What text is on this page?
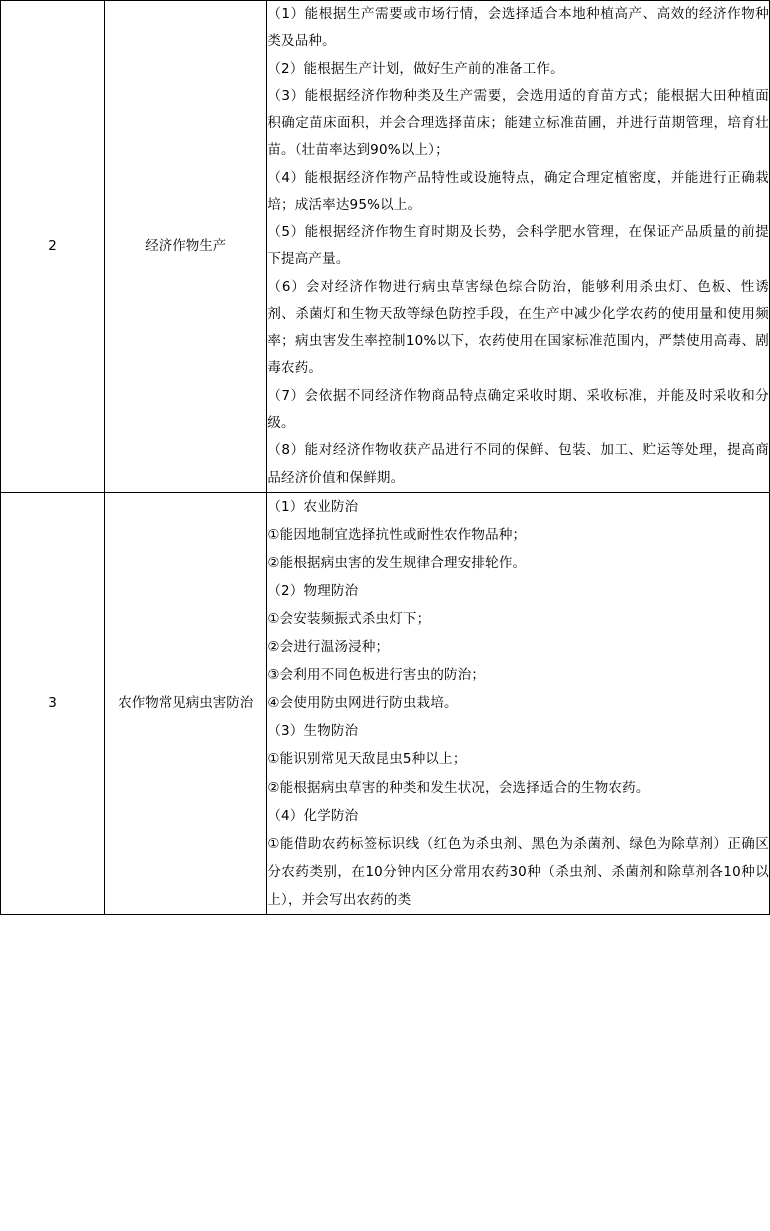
2	经济作物生产	

（1）能根据生产需要或市场行情，会选择适合本地种植高产、高效的经济作物种类及品种。

（2）能根据生产计划，做好生产前的准备工作。

（3）能根据经济作物种类及生产需要，会选用适的育苗方式；能根据大田种植面积确定苗床面积，并会合理选择苗床；能建立标准苗圃，并进行苗期管理，培育壮苗。（壮苗率达到90%以上）；

（4）能根据经济作物产品特性或设施特点，确定合理定植密度，并能进行正确栽培；成活率达95%以上。

（5）能根据经济作物生育时期及长势，会科学肥水管理，在保证产品质量的前提下提高产量。

（6）会对经济作物进行病虫草害绿色综合防治，能够利用杀虫灯、色板、性诱剂、杀菌灯和生物天敌等绿色防控手段，在生产中减少化学农药的使用量和使用频率；病虫害发生率控制10%以下，农药使用在国家标准范围内，严禁使用高毒、剧毒农药。

（7）会依据不同经济作物商品特点确定采收时期、采收标准，并能及时采收和分级。

（8）能对经济作物收获产品进行不同的保鲜、包装、加工、贮运等处理，提高商品经济价值和保鲜期。

3	农作物常见病虫害防治	

（1）农业防治

①能因地制宜选择抗性或耐性农作物品种；

②能根据病虫害的发生规律合理安排轮作。

（2）物理防治

①会安装频振式杀虫灯下；

②会进行温汤浸种；

③会利用不同色板进行害虫的防治；

④会使用防虫网进行防虫栽培。

（3）生物防治

①能识别常见天敌昆虫5种以上；

②能根据病虫草害的种类和发生状况，会选择适合的生物农药。

（4）化学防治

①能借助农药标签标识线（红色为杀虫剂、黑色为杀菌剂、绿色为除草剂）正确区分农药类别，在10分钟内区分常用农药30种（杀虫剂、杀菌剂和除草剂各10种以上），并会写出农药的类
